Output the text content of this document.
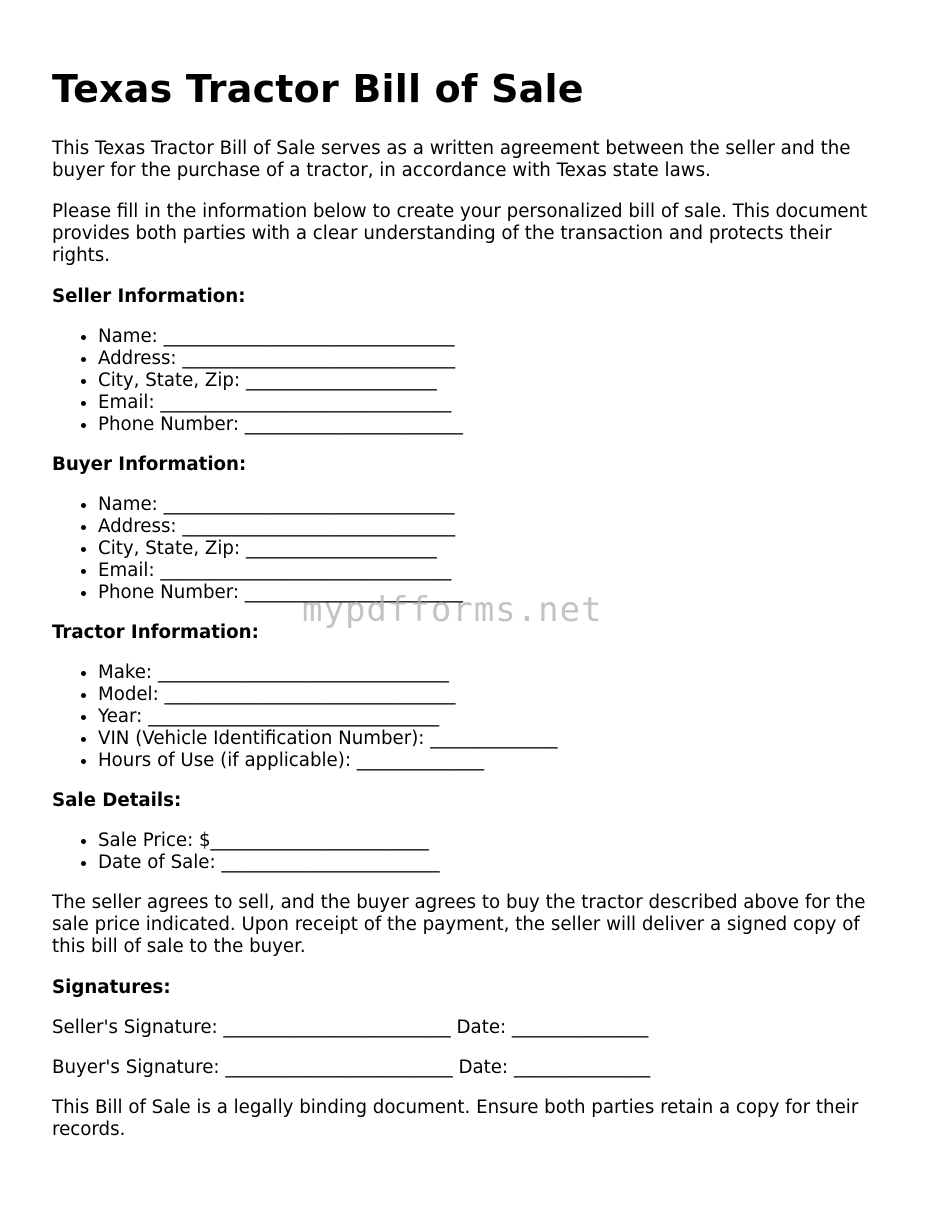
Texas Tractor Bill of Sale

This Texas Tractor Bill of Sale serves as a written agreement between the seller and the buyer for the purchase of a tractor, in accordance with Texas state laws.

Please fill in the information below to create your personalized bill of sale. This document provides both parties with a clear understanding of the transaction and protects their rights.

Seller Information:
• Name: ________________________________
• Address: ______________________________
• City, State, Zip: _____________________
• Email: ________________________________
• Phone Number: ________________________
Buyer Information:
• Name: ________________________________
• Address: ______________________________
• City, State, Zip: _____________________
• Email: ________________________________
• Phone Number: ________________________
Tractor Information:
• Make: ________________________________
• Model: ________________________________
• Year: ________________________________
• VIN (Vehicle Identification Number): ______________
• Hours of Use (if applicable): ______________
Sale Details:
• Sale Price: $________________________
• Date of Sale: ________________________

The seller agrees to sell, and the buyer agrees to buy the tractor described above for the sale price indicated. Upon receipt of the payment, the seller will deliver a signed copy of this bill of sale to the buyer.

Signatures:
Seller's Signature: _________________________ Date: _______________
Buyer's Signature: _________________________ Date: _______________

This Bill of Sale is a legally binding document. Ensure both parties retain a copy for their records.

mypdfforms.net
